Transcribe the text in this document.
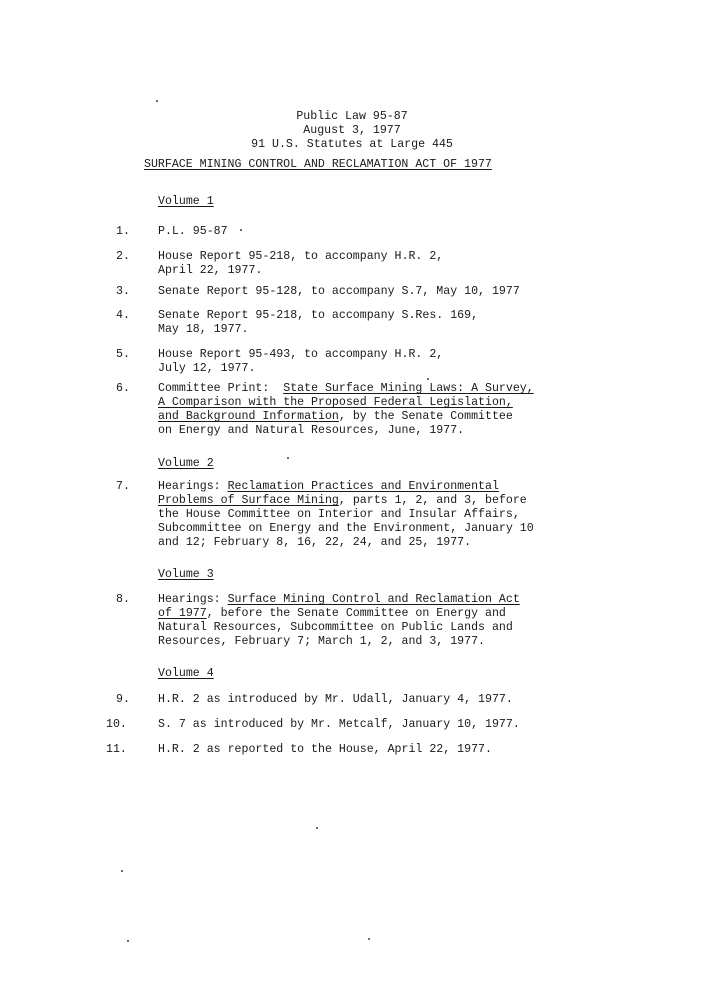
Public Law 95-87
August 3, 1977
91 U.S. Statutes at Large 445
SURFACE MINING CONTROL AND RECLAMATION ACT OF 1977
Volume 1
1.	P.L. 95-87
2.	House Report 95-218, to accompany H.R. 2,
April 22, 1977.
3.	Senate Report 95-128, to accompany S.7, May 10, 1977
4.	Senate Report 95-218, to accompany S.Res. 169,
May 18, 1977.
5.	House Report 95-493, to accompany H.R. 2,
July 12, 1977.
6.	Committee Print:  State Surface Mining Laws: A Survey,
A Comparison with the Proposed Federal Legislation,
and Background Information, by the Senate Committee
on Energy and Natural Resources, June, 1977.
Volume 2
7.	Hearings: Reclamation Practices and Environmental
Problems of Surface Mining, parts 1, 2, and 3, before
the House Committee on Interior and Insular Affairs,
Subcommittee on Energy and the Environment, January 10
and 12; February 8, 16, 22, 24, and 25, 1977.
Volume 3
8.	Hearings: Surface Mining Control and Reclamation Act
of 1977, before the Senate Committee on Energy and
Natural Resources, Subcommittee on Public Lands and
Resources, February 7; March 1, 2, and 3, 1977.
Volume 4
9.	H.R. 2 as introduced by Mr. Udall, January 4, 1977.
10.	S. 7 as introduced by Mr. Metcalf, January 10, 1977.
11.	H.R. 2 as reported to the House, April 22, 1977.
